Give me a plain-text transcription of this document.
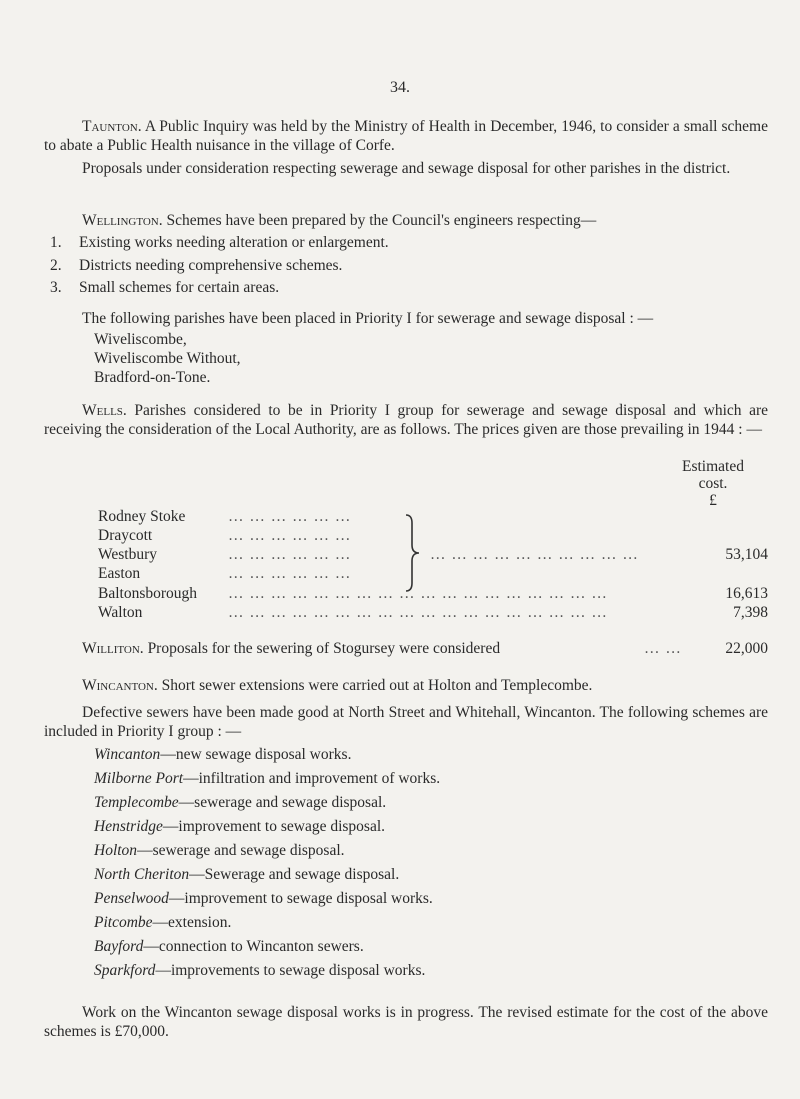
34.
Taunton. A Public Inquiry was held by the Ministry of Health in December, 1946, to consider a small scheme to abate a Public Health nuisance in the village of Corfe.
Proposals under consideration respecting sewerage and sewage disposal for other parishes in the district.
Wellington. Schemes have been prepared by the Council's engineers respecting—
1. Existing works needing alteration or enlargement.
2. Districts needing comprehensive schemes.
3. Small schemes for certain areas.
The following parishes have been placed in Priority I for sewerage and sewage disposal : —
Wiveliscombe,
Wiveliscombe Without,
Bradford-on-Tone.
Wells. Parishes considered to be in Priority I group for sewerage and sewage disposal and which are receiving the consideration of the Local Authority, are as follows. The prices given are those prevailing in 1944 : —
Estimated
cost.
£
Rodney Stoke	… … … … … …
Draycott	… … … … … …
Westbury	… … … … … …	… … … … … … … … … …	53,104
Easton	… … … … … …
Baltonsborough … … … … … … … … … … … … … … … … … …	16,613
Walton	… … … … … … … … … … … … … … … … … …	7,398
Williton. Proposals for the sewering of Stogursey were considered	… …	22,000
Wincanton. Short sewer extensions were carried out at Holton and Templecombe.
Defective sewers have been made good at North Street and Whitehall, Wincanton. The following schemes are included in Priority I group : —
Wincanton—new sewage disposal works.
Milborne Port—infiltration and improvement of works.
Templecombe—sewerage and sewage disposal.
Henstridge—improvement to sewage disposal.
Holton—sewerage and sewage disposal.
North Cheriton—Sewerage and sewage disposal.
Penselwood—improvement to sewage disposal works.
Pitcombe—extension.
Bayford—connection to Wincanton sewers.
Sparkford—improvements to sewage disposal works.
Work on the Wincanton sewage disposal works is in progress. The revised estimate for the cost of the above schemes is £70,000.
